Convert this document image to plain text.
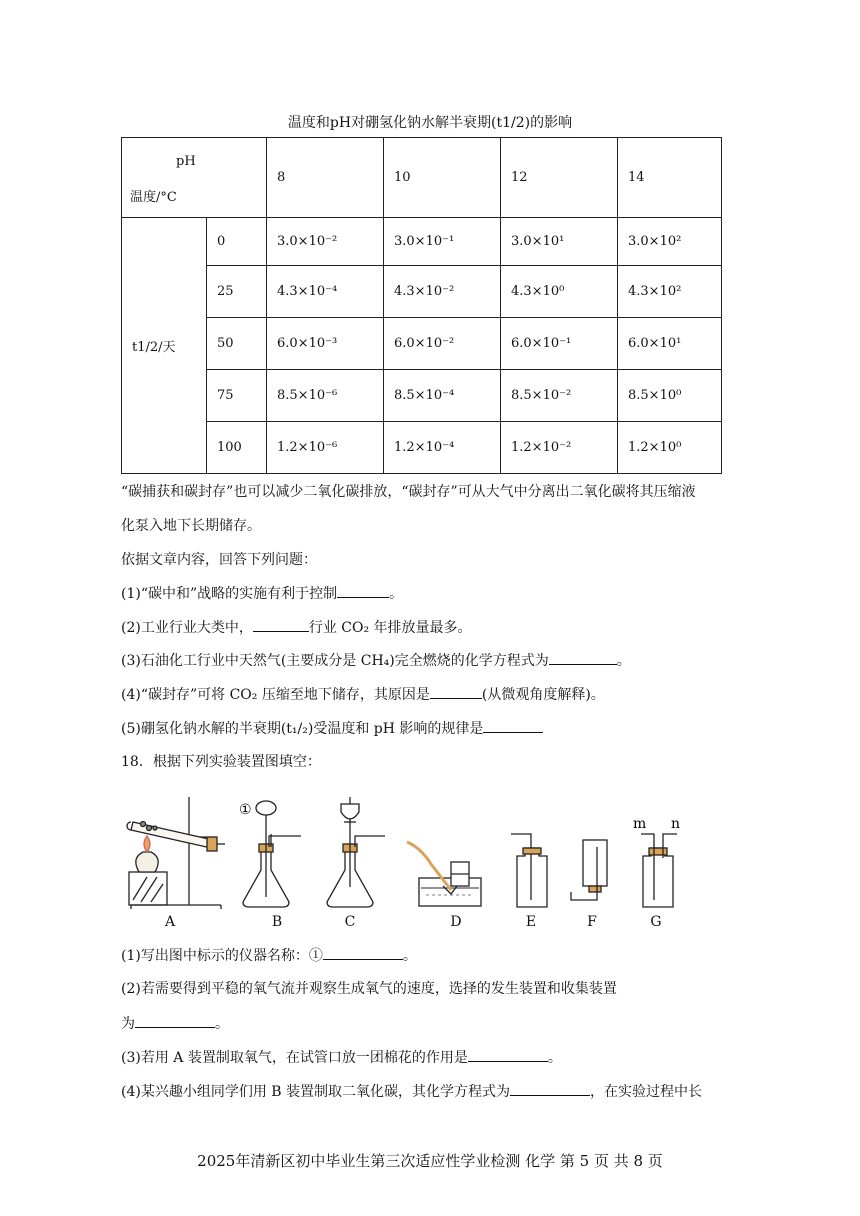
温度和pH对硼氢化钠水解半衰期(t1/2)的影响
pH
温度/°C		8	10	12	14
t1/2/天	0	3.0×10⁻²	3.0×10⁻¹	3.0×10¹	3.0×10²
	25	4.3×10⁻⁴	4.3×10⁻²	4.3×10⁰	4.3×10²
	50	6.0×10⁻³	6.0×10⁻²	6.0×10⁻¹	6.0×10¹
	75	8.5×10⁻⁶	8.5×10⁻⁴	8.5×10⁻²	8.5×10⁰
	100	1.2×10⁻⁶	1.2×10⁻⁴	1.2×10⁻²	1.2×10⁰
“碳捕获和碳封存”也可以减少二氧化碳排放，“碳封存”可从大气中分离出二氧化碳将其压缩液
化泵入地下长期储存。
依据文章内容，回答下列问题：
(1)“碳中和”战略的实施有利于控制	。
(2)工业行业大类中，	行业 CO₂ 年排放量最多。
(3)石油化工行业中天然气(主要成分是 CH₄)完全燃烧的化学方程式为	。
(4)“碳封存”可将 CO₂ 压缩至地下储存，其原因是	(从微观角度解释)。
(5)硼氢化钠水解的半衰期(t₁/₂)受温度和 pH 影响的规律是
18．根据下列实验装置图填空：
①
m n
A	B	C	D	E	F	G
(1)写出图中标示的仪器名称：①	。
(2)若需要得到平稳的氧气流并观察生成氧气的速度，选择的发生装置和收集装置
为	。
(3)若用 A 装置制取氧气，在试管口放一团棉花的作用是	。
(4)某兴趣小组同学们用 B 装置制取二氧化碳，其化学方程式为	，在实验过程中长
2025年清新区初中毕业生第三次适应性学业检测 化学 第 5 页 共 8 页
